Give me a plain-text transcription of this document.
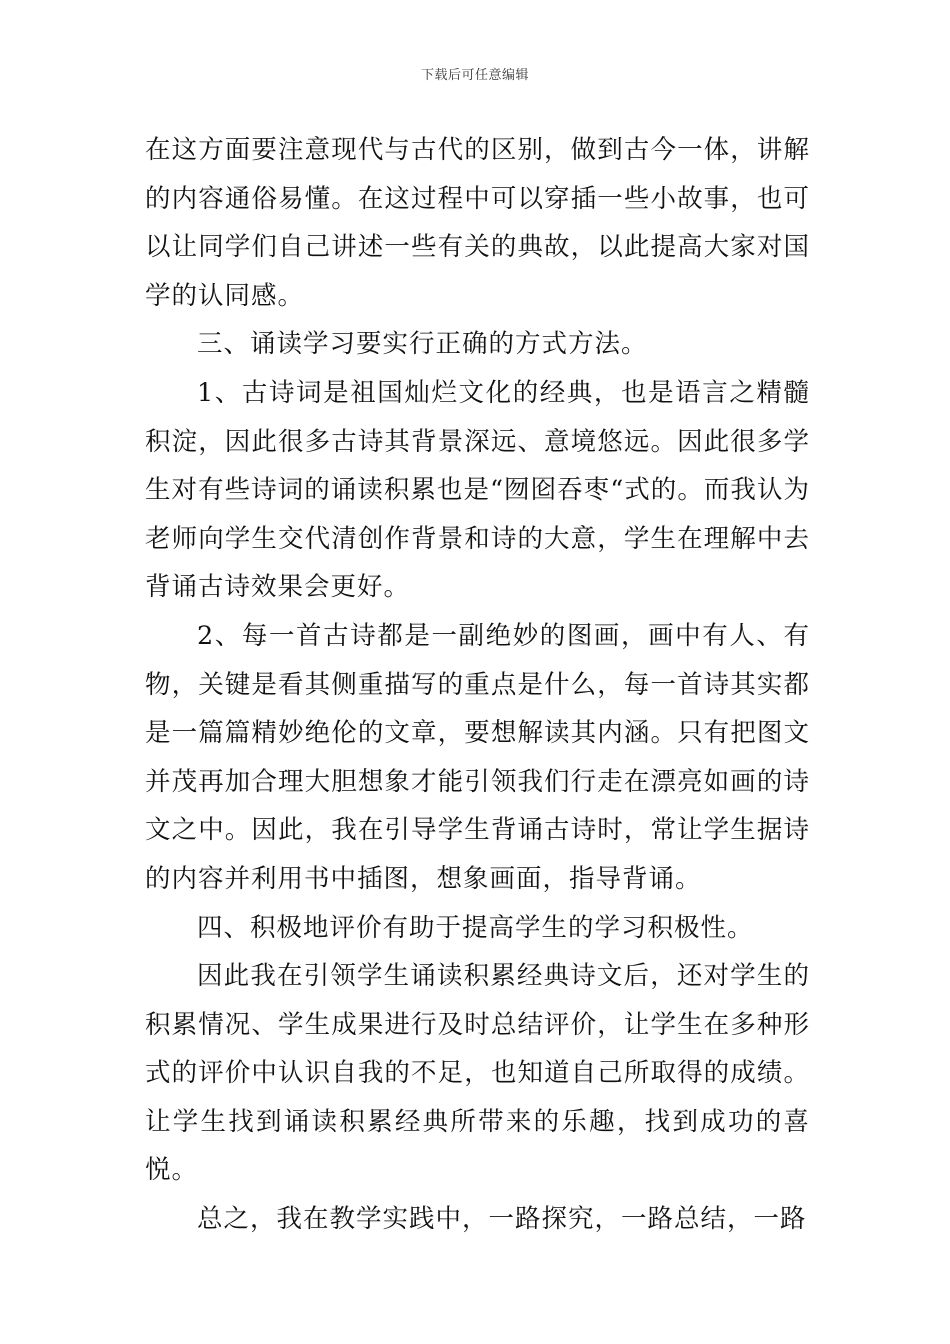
下载后可任意编辑

在这方面要注意现代与古代的区别，做到古今一体，讲解的内容通俗易懂。在这过程中可以穿插一些小故事，也可以让同学们自己讲述一些有关的典故，以此提高大家对国学的认同感。

三、诵读学习要实行正确的方式方法。

1、古诗词是祖国灿烂文化的经典，也是语言之精髓积淀，因此很多古诗其背景深远、意境悠远。因此很多学生对有些诗词的诵读积累也是“囫囵吞枣“式的。而我认为老师向学生交代清创作背景和诗的大意，学生在理解中去背诵古诗效果会更好。

2、每一首古诗都是一副绝妙的图画，画中有人、有物，关键是看其侧重描写的重点是什么，每一首诗其实都是一篇篇精妙绝伦的文章，要想解读其内涵。只有把图文并茂再加合理大胆想象才能引领我们行走在漂亮如画的诗文之中。因此，我在引导学生背诵古诗时，常让学生据诗的内容并利用书中插图，想象画面，指导背诵。

四、积极地评价有助于提高学生的学习积极性。

因此我在引领学生诵读积累经典诗文后，还对学生的积累情况、学生成果进行及时总结评价，让学生在多种形式的评价中认识自我的不足，也知道自己所取得的成绩。让学生找到诵读积累经典所带来的乐趣，找到成功的喜悦。

总之，我在教学实践中，一路探究，一路总结，一路
